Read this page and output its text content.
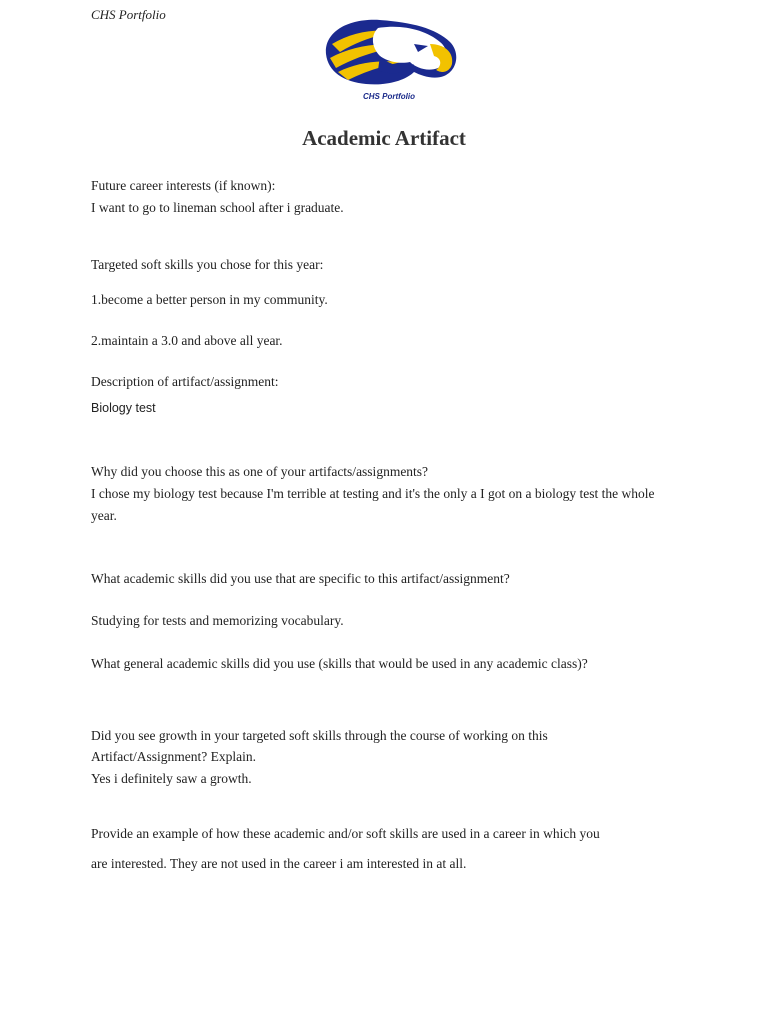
CHS Portfolio
CHS Portfolio
Academic Artifact
Future career interests (if known):
I want to go to lineman school after i graduate.
Targeted soft skills you chose for this year:
1.become a better person in my community.
2.maintain a 3.0 and above all year.
Description of artifact/assignment:
Biology test
Why did you choose this as one of your artifacts/assignments?
I chose my biology test because I'm terrible at testing and it's the only a I got on a biology test the whole year.
What academic skills did you use that are specific to this artifact/assignment?
Studying for tests and memorizing vocabulary.
What general academic skills did you use (skills that would be used in any academic class)?
Did you see growth in your targeted soft skills through the course of working on this
Artifact/Assignment? Explain.
Yes i definitely saw a growth.
Provide an example of how these academic and/or soft skills are used in a career in which you
are interested. They are not used in the career i am interested in at all.
